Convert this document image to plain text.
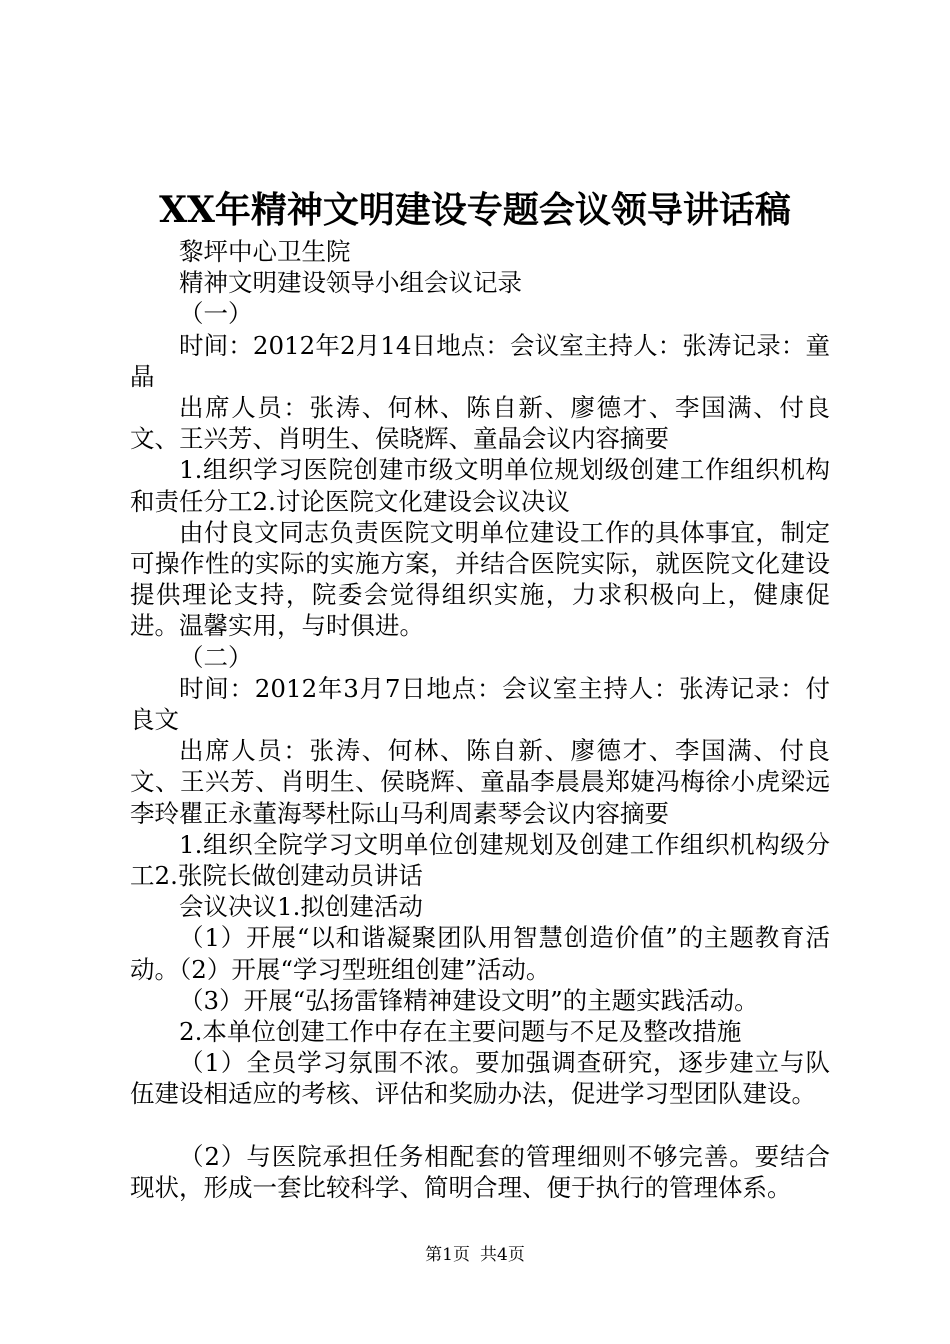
XX年精神文明建设专题会议领导讲话稿

黎坪中心卫生院

精神文明建设领导小组会议记录

（一）

时间：2012年2月14日地点：会议室主持人：张涛记录：童晶

出席人员：张涛、何林、陈自新、廖德才、李国满、付良文、王兴芳、肖明生、侯晓辉、童晶会议内容摘要

1.组织学习医院创建市级文明单位规划级创建工作组织机构和责任分工2.讨论医院文化建设会议决议

由付良文同志负责医院文明单位建设工作的具体事宜，制定可操作性的实际的实施方案，并结合医院实际，就医院文化建设提供理论支持，院委会觉得组织实施，力求积极向上，健康促进。温馨实用，与时俱进。

（二）

时间：2012年3月7日地点：会议室主持人：张涛记录：付良文

出席人员：张涛、何林、陈自新、廖德才、李国满、付良文、王兴芳、肖明生、侯晓辉、童晶李晨晨郑婕冯梅徐小虎梁远李玲瞿正永董海琴杜际山马利周素琴会议内容摘要

1.组织全院学习文明单位创建规划及创建工作组织机构级分工2.张院长做创建动员讲话

会议决议1.拟创建活动

（1）开展“以和谐凝聚团队用智慧创造价值”的主题教育活动。（2）开展“学习型班组创建”活动。

（3）开展“弘扬雷锋精神建设文明”的主题实践活动。

2.本单位创建工作中存在主要问题与不足及整改措施

（1）全员学习氛围不浓。要加强调查研究，逐步建立与队伍建设相适应的考核、评估和奖励办法，促进学习型团队建设。

（2）与医院承担任务相配套的管理细则不够完善。要结合现状，形成一套比较科学、简明合理、便于执行的管理体系。

第1页 共4页
